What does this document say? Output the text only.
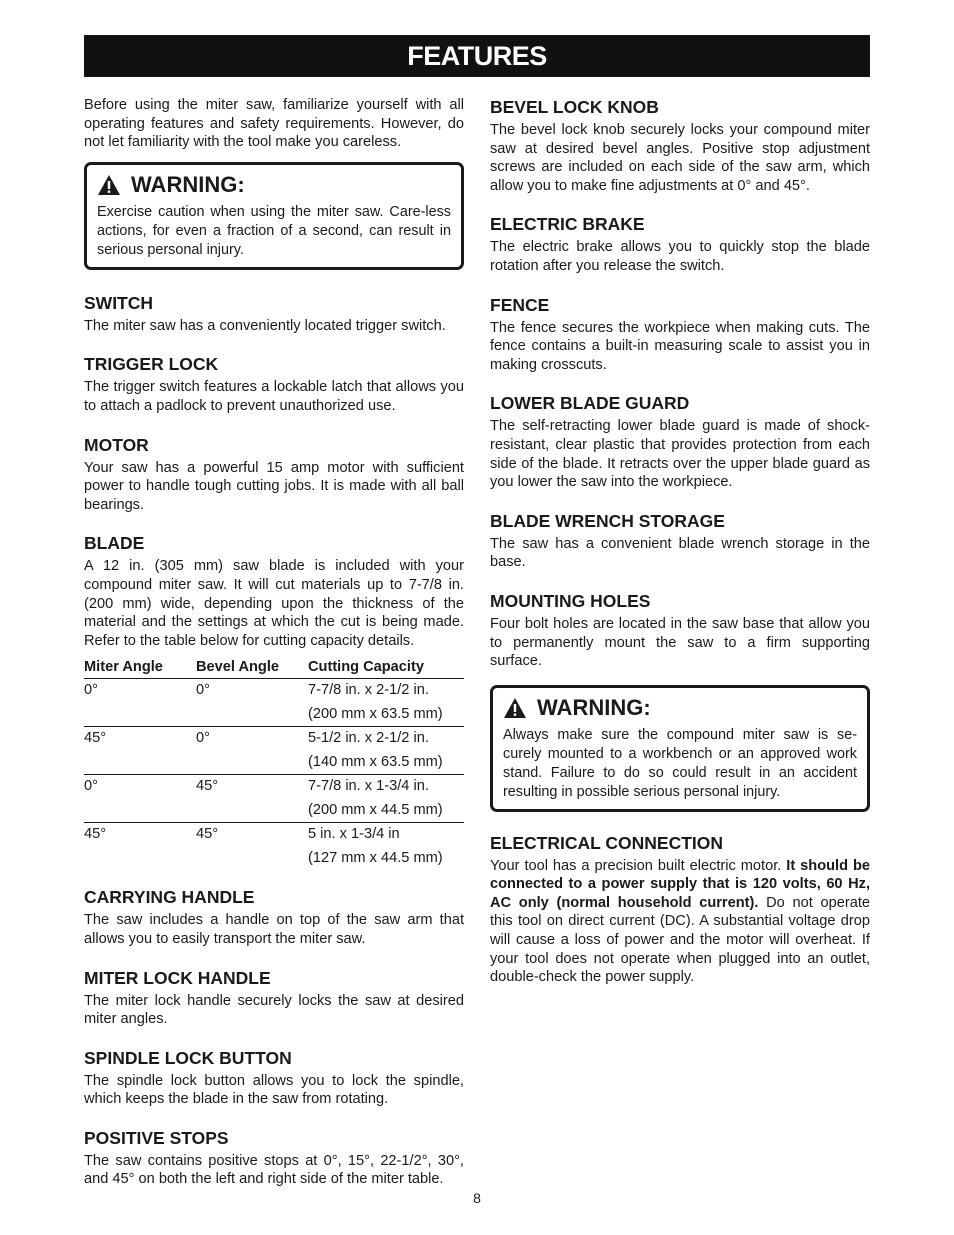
FEATURES

Before using the miter saw, familiarize yourself with all operating features and safety requirements. However, do not let familiarity with the tool make you careless.

WARNING:

Exercise caution when using the miter saw. Care-less actions, for even a fraction of a second, can result in serious personal injury.

SWITCH

The miter saw has a conveniently located trigger switch.

TRIGGER LOCK

The trigger switch features a lockable latch that allows you to attach a padlock to prevent unauthorized use.

MOTOR

Your saw has a powerful 15 amp motor with sufficient power to handle tough cutting jobs. It is made with all ball bearings.

BLADE

A 12 in. (305 mm) saw blade is included with your compound miter saw. It will cut materials up to 7-7/8 in. (200 mm) wide, depending upon the thickness of the material and the settings at which the cut is being made. Refer to the table below for cutting capacity details.

Miter Angle	Bevel Angle	Cutting Capacity
0°	0°	7-7/8 in. x 2-1/2 in.
		(200 mm x 63.5 mm)
45°	0°	5-1/2 in. x 2-1/2 in.
		(140 mm x 63.5 mm)
0°	45°	7-7/8 in. x 1-3/4 in.
		(200 mm x 44.5 mm)
45°	45°	5 in. x 1-3/4 in
		(127 mm x 44.5 mm)
CARRYING HANDLE

The saw includes a handle on top of the saw arm that allows you to easily transport the miter saw.

MITER LOCK HANDLE

The miter lock handle securely locks the saw at desired miter angles.

SPINDLE LOCK BUTTON

The spindle lock button allows you to lock the spindle, which keeps the blade in the saw from rotating.

POSITIVE STOPS

The saw contains positive stops at 0°, 15°, 22-1/2°, 30°, and 45° on both the left and right side of the miter table.

BEVEL LOCK KNOB

The bevel lock knob securely locks your compound miter saw at desired bevel angles. Positive stop adjustment screws are included on each side of the saw arm, which allow you to make fine adjustments at 0° and 45°.

ELECTRIC BRAKE

The electric brake allows you to quickly stop the blade rotation after you release the switch.

FENCE

The fence secures the workpiece when making cuts. The fence contains a built-in measuring scale to assist you in making crosscuts.

LOWER BLADE GUARD

The self-retracting lower blade guard is made of shock-resistant, clear plastic that provides protection from each side of the blade. It retracts over the upper blade guard as you lower the saw into the workpiece.

BLADE WRENCH STORAGE

The saw has a convenient blade wrench storage in the base.

MOUNTING HOLES

Four bolt holes are located in the saw base that allow you to permanently mount the saw to a firm supporting surface.

WARNING:

Always make sure the compound miter saw is se-curely mounted to a workbench or an approved work stand. Failure to do so could result in an accident resulting in possible serious personal injury.

ELECTRICAL CONNECTION

Your tool has a precision built electric motor. It should be connected to a power supply that is 120 volts, 60 Hz, AC only (normal household current). Do not operate this tool on direct current (DC). A substantial voltage drop will cause a loss of power and the motor will overheat. If your tool does not operate when plugged into an outlet, double-check the power supply.

8
